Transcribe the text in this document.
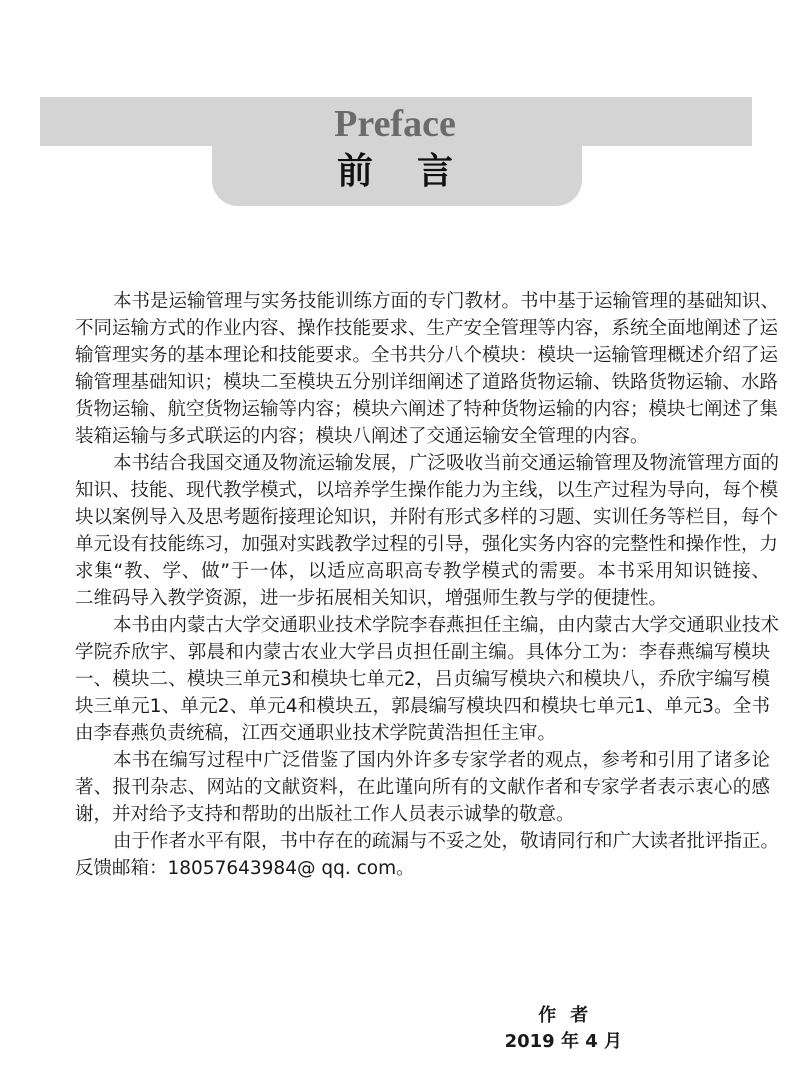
Preface
前言
本书是运输管理与实务技能训练方面的专门教材。书中基于运输管理的基础知识、
不同运输方式的作业内容、操作技能要求、生产安全管理等内容，系统全面地阐述了运
输管理实务的基本理论和技能要求。全书共分八个模块：模块一运输管理概述介绍了运
输管理基础知识；模块二至模块五分别详细阐述了道路货物运输、铁路货物运输、水路
货物运输、航空货物运输等内容；模块六阐述了特种货物运输的内容；模块七阐述了集
装箱运输与多式联运的内容；模块八阐述了交通运输安全管理的内容。
本书结合我国交通及物流运输发展，广泛吸收当前交通运输管理及物流管理方面的
知识、技能、现代教学模式，以培养学生操作能力为主线，以生产过程为导向，每个模
块以案例导入及思考题衔接理论知识，并附有形式多样的习题、实训任务等栏目，每个
单元设有技能练习，加强对实践教学过程的引导，强化实务内容的完整性和操作性，力
求集“教、学、做”于一体，以适应高职高专教学模式的需要。本书采用知识链接、
二维码导入教学资源，进一步拓展相关知识，增强师生教与学的便捷性。
本书由内蒙古大学交通职业技术学院李春燕担任主编，由内蒙古大学交通职业技术
学院乔欣宇、郭晨和内蒙古农业大学吕贞担任副主编。具体分工为：李春燕编写模块
一、模块二、模块三单元3和模块七单元2，吕贞编写模块六和模块八，乔欣宇编写模
块三单元1、单元2、单元4和模块五，郭晨编写模块四和模块七单元1、单元3。全书
由李春燕负责统稿，江西交通职业技术学院黄浩担任主审。
本书在编写过程中广泛借鉴了国内外许多专家学者的观点，参考和引用了诸多论
著、报刊杂志、网站的文献资料，在此谨向所有的文献作者和专家学者表示衷心的感
谢，并对给予支持和帮助的出版社工作人员表示诚挚的敬意。
由于作者水平有限，书中存在的疏漏与不妥之处，敬请同行和广大读者批评指正。
反馈邮箱：18057643984@ qq. com。
作者
2019 年 4 月
